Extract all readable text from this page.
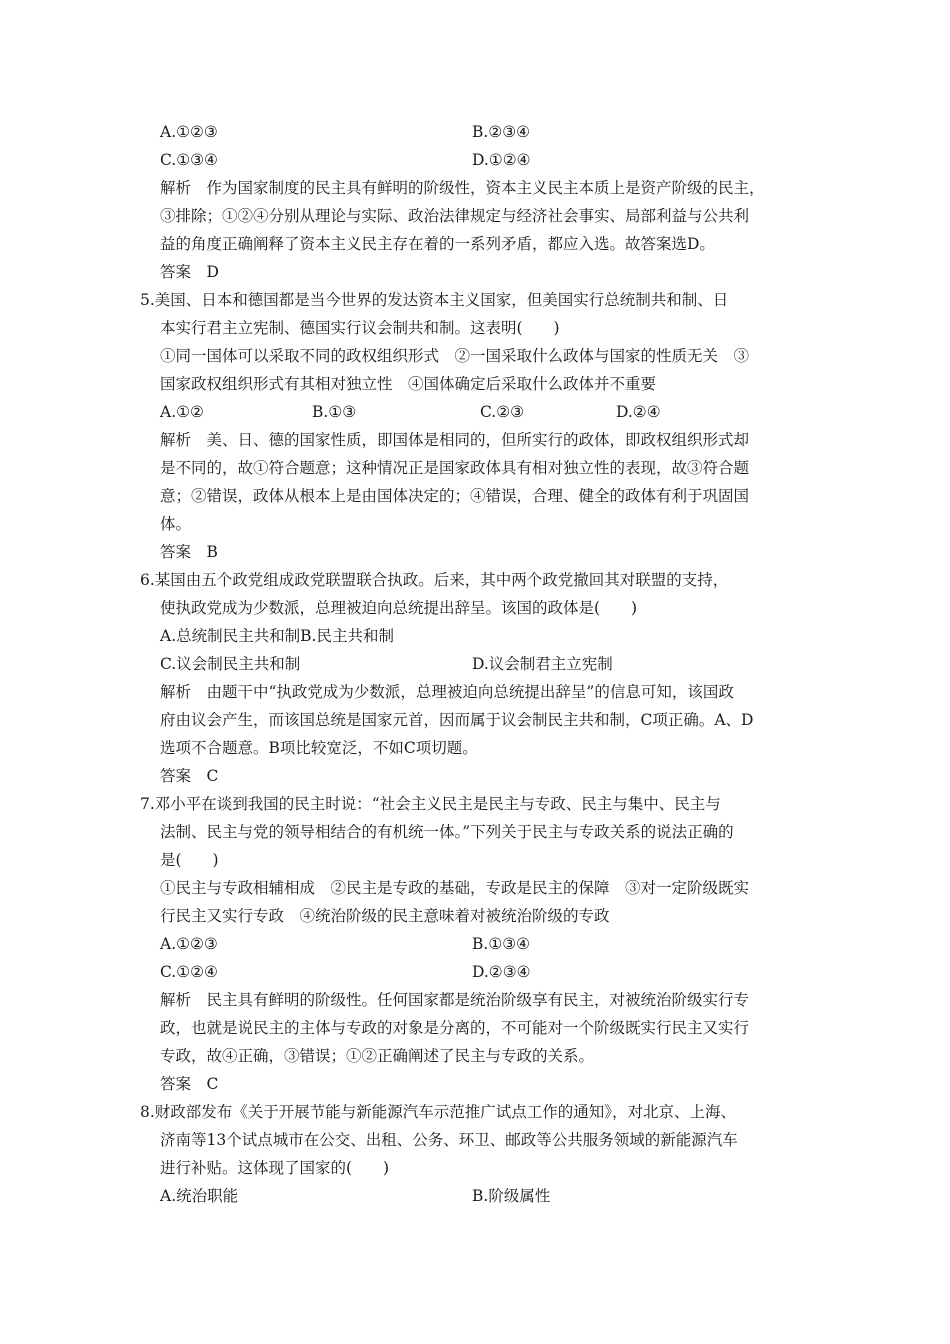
A.①②③	B.②③④
C.①③④	D.①②④
解析　作为国家制度的民主具有鲜明的阶级性，资本主义民主本质上是资产阶级的民主，
③排除；①②④分别从理论与实际、政治法律规定与经济社会事实、局部利益与公共利
益的角度正确阐释了资本主义民主存在着的一系列矛盾，都应入选。故答案选D。
答案　D
5.美国、日本和德国都是当今世界的发达资本主义国家，但美国实行总统制共和制、日
本实行君主立宪制、德国实行议会制共和制。这表明(　　)
①同一国体可以采取不同的政权组织形式　②一国采取什么政体与国家的性质无关　③
国家政权组织形式有其相对独立性　④国体确定后采取什么政体并不重要
A.①②	B.①③	C.②③	D.②④
解析　美、日、德的国家性质，即国体是相同的，但所实行的政体，即政权组织形式却
是不同的，故①符合题意；这种情况正是国家政体具有相对独立性的表现，故③符合题
意；②错误，政体从根本上是由国体决定的；④错误，合理、健全的政体有利于巩固国
体。
答案　B
6.某国由五个政党组成政党联盟联合执政。后来，其中两个政党撤回其对联盟的支持，
使执政党成为少数派，总理被迫向总统提出辞呈。该国的政体是(　　)
A.总统制民主共和制B.民主共和制
C.议会制民主共和制	D.议会制君主立宪制
解析　由题干中“执政党成为少数派，总理被迫向总统提出辞呈”的信息可知，该国政
府由议会产生，而该国总统是国家元首，因而属于议会制民主共和制，C项正确。A、D
选项不合题意。B项比较宽泛，不如C项切题。
答案　C
7.邓小平在谈到我国的民主时说：“社会主义民主是民主与专政、民主与集中、民主与
法制、民主与党的领导相结合的有机统一体。”下列关于民主与专政关系的说法正确的
是(　　)
①民主与专政相辅相成　②民主是专政的基础，专政是民主的保障　③对一定阶级既实
行民主又实行专政　④统治阶级的民主意味着对被统治阶级的专政
A.①②③	B.①③④
C.①②④	D.②③④
解析　民主具有鲜明的阶级性。任何国家都是统治阶级享有民主，对被统治阶级实行专
政，也就是说民主的主体与专政的对象是分离的，不可能对一个阶级既实行民主又实行
专政，故④正确，③错误；①②正确阐述了民主与专政的关系。
答案　C
8.财政部发布《关于开展节能与新能源汽车示范推广试点工作的通知》，对北京、上海、
济南等13个试点城市在公交、出租、公务、环卫、邮政等公共服务领域的新能源汽车
进行补贴。这体现了国家的(　　)
A.统治职能	B.阶级属性
